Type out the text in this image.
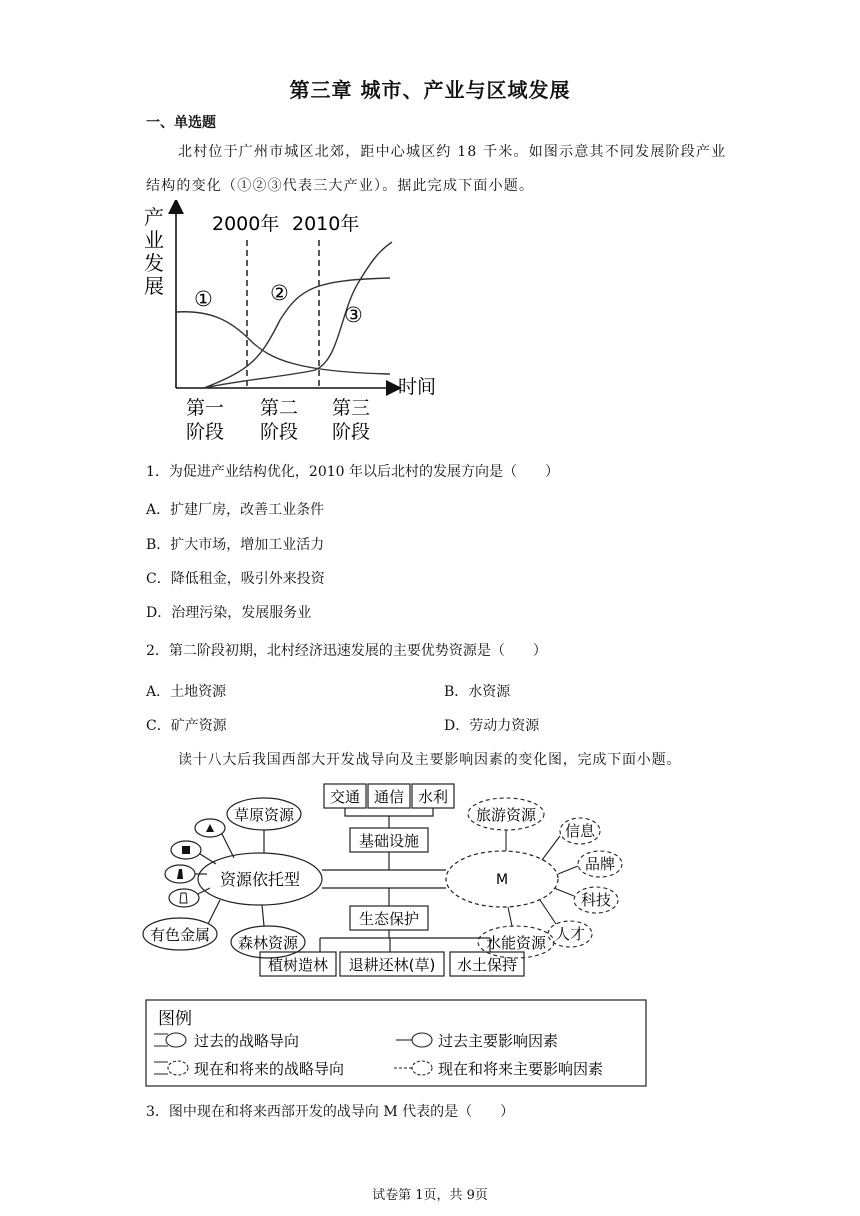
第三章 城市、产业与区域发展
一、单选题
北村位于广州市城区北郊，距中心城区约 18 千米。如图示意其不同发展阶段产业
结构的变化（①②③代表三大产业）。据此完成下面小题。
产
业
发
展
时间
2000年 2010年
①	②
③
第一
阶段
第二
阶段
第三
阶段
1．为促进产业结构优化，2010 年以后北村的发展方向是（　　）
A．扩建厂房，改善工业条件
B．扩大市场，增加工业活力
C．降低租金，吸引外来投资
D．治理污染，发展服务业
2．第二阶段初期，北村经济迅速发展的主要优势资源是（　　）
A．土地资源	B．水资源
C．矿产资源	D．劳动力资源
读十八大后我国西部大开发战导向及主要影响因素的变化图，完成下面小题。
交通 通信 水利
基础设施
生态保护
植树造林 退耕还林(草) 水土保持
资源依托型	M
草原资源
有色金属 森林资源
旅游资源
信息
品牌
科技
人才
水能资源
图例
过去的战略导向	过去主要影响因素
现在和将来的战略导向	现在和将来主要影响因素
3．图中现在和将来西部开发的战导向 M 代表的是（　　）
试卷第 1页，共 9页
